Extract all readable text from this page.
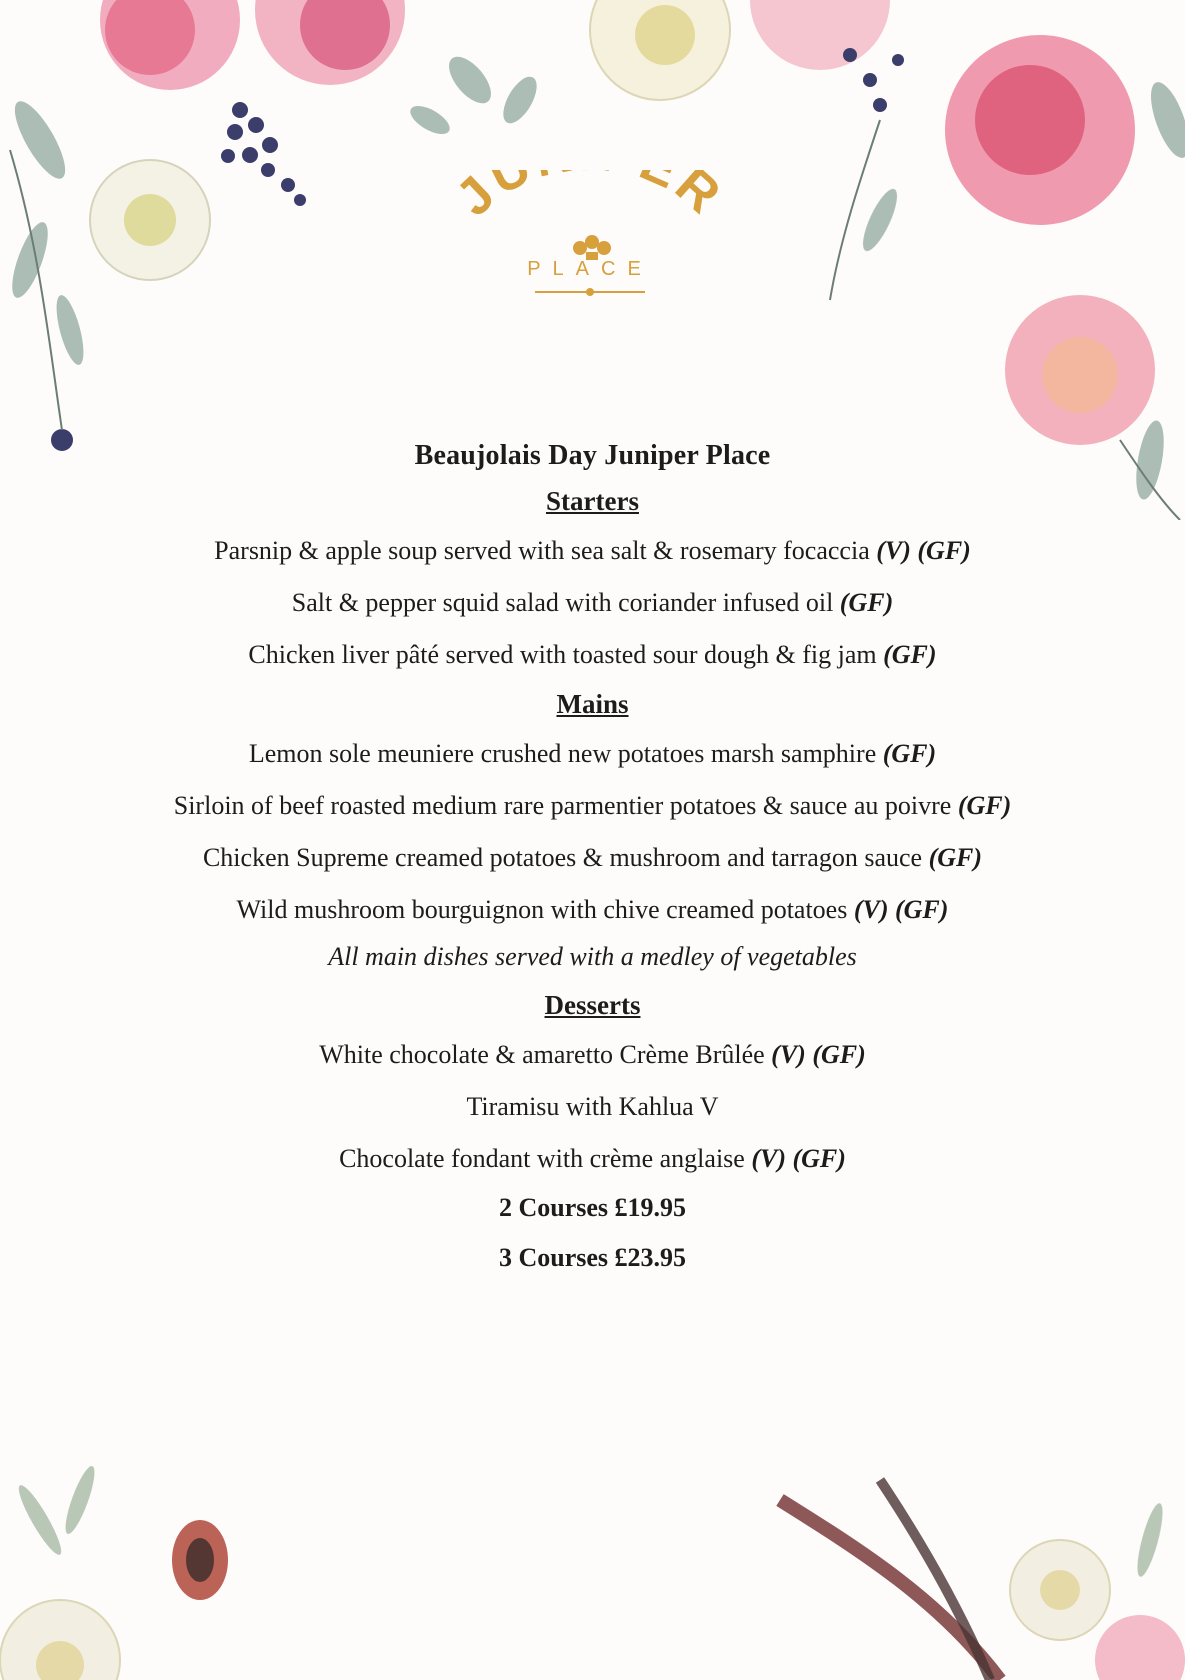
JU R
PLACE
Beaujolais Day Juniper Place
Starters
Parsnip & apple soup served with sea salt & rosemary focaccia (V) (GF)
Salt & pepper squid salad with coriander infused oil (GF)
Chicken liver pâté served with toasted sour dough & fig jam (GF)
Mains
Lemon sole meuniere crushed new potatoes marsh samphire (GF)
Sirloin of beef roasted medium rare parmentier potatoes & sauce au poivre (GF)
Chicken Supreme creamed potatoes & mushroom and tarragon sauce (GF)
Wild mushroom bourguignon with chive creamed potatoes (V) (GF)
All main dishes served with a medley of vegetables
Desserts
White chocolate & amaretto Crème Brûlée (V) (GF)
Tiramisu with Kahlua V
Chocolate fondant with crème anglaise (V) (GF)
2 Courses £19.95
3 Courses £23.95
